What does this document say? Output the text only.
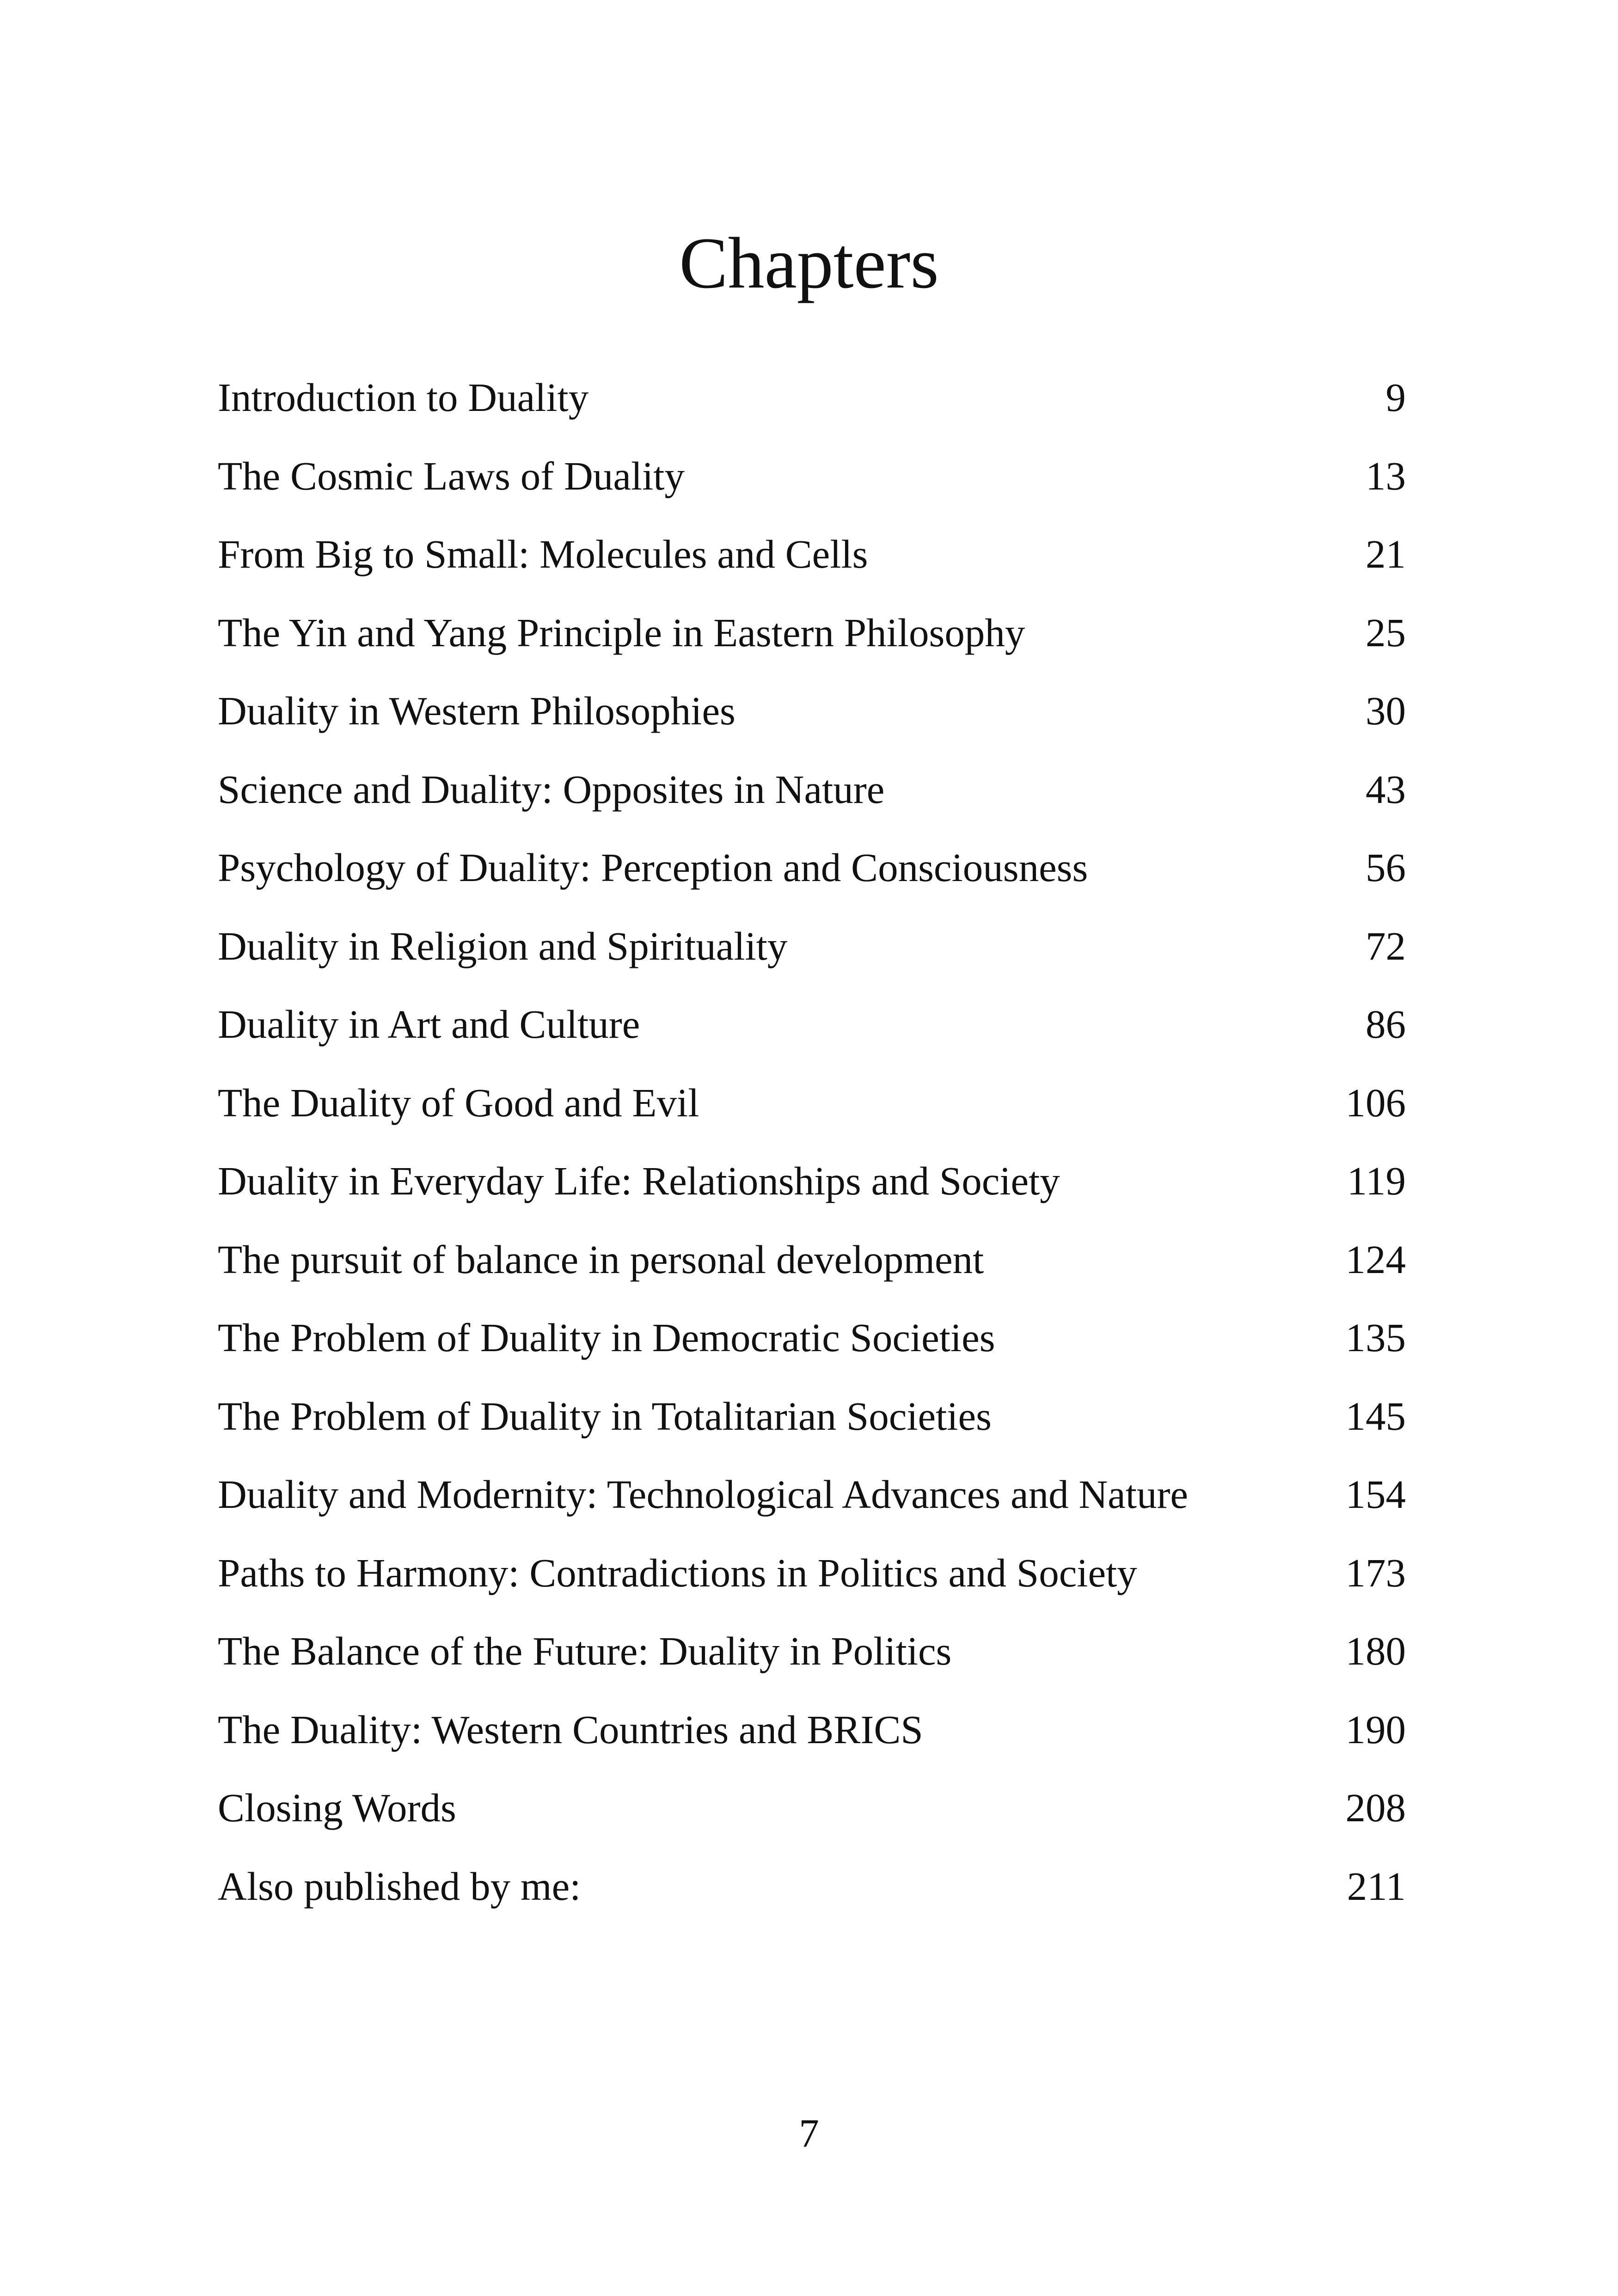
Chapters
Introduction to Duality	9
The Cosmic Laws of Duality	13
From Big to Small: Molecules and Cells	21
The Yin and Yang Principle in Eastern Philosophy	25
Duality in Western Philosophies	30
Science and Duality: Opposites in Nature	43
Psychology of Duality: Perception and Consciousness	56
Duality in Religion and Spirituality	72
Duality in Art and Culture	86
The Duality of Good and Evil	106
Duality in Everyday Life: Relationships and Society	119
The pursuit of balance in personal development	124
The Problem of Duality in Democratic Societies	135
The Problem of Duality in Totalitarian Societies	145
Duality and Modernity: Technological Advances and Nature	154
Paths to Harmony: Contradictions in Politics and Society	173
The Balance of the Future: Duality in Politics	180
The Duality: Western Countries and BRICS	190
Closing Words	208
Also published by me:	211
7
